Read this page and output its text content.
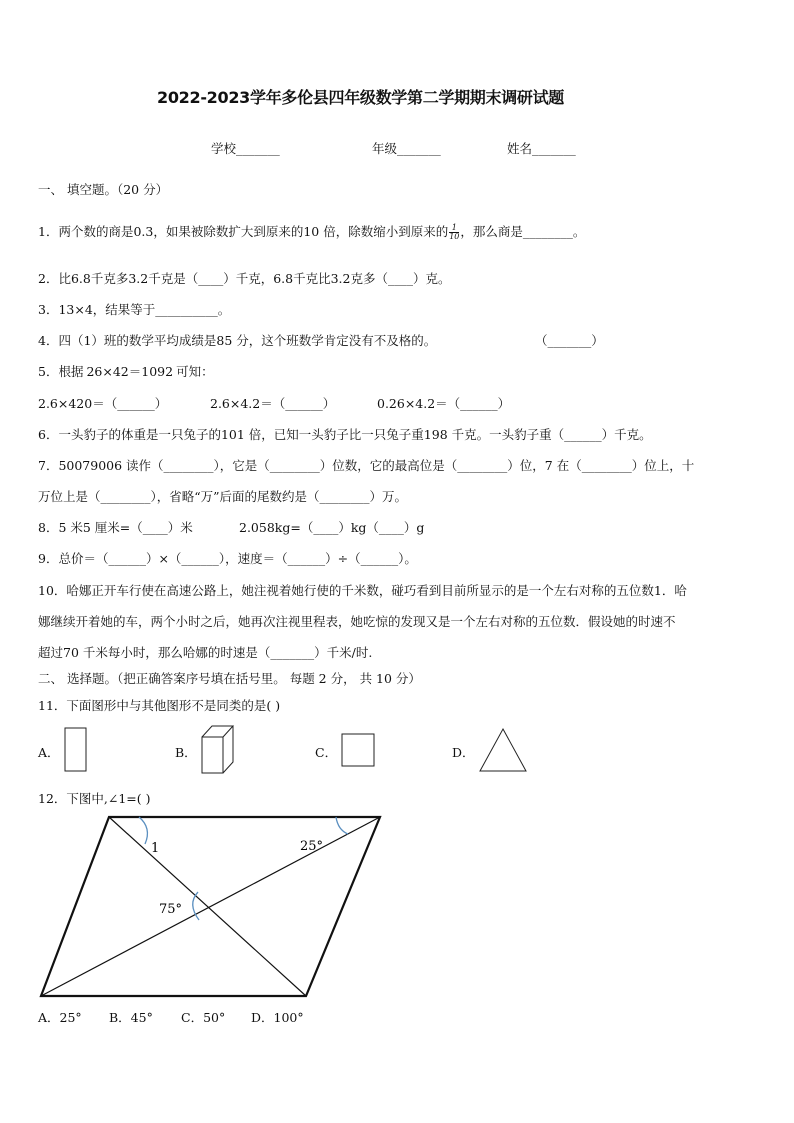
2022-2023学年多伦县四年级数学第二学期期末调研试题
学校_______	年级_______	姓名_______
一、 填空题。（20 分）
1．两个数的商是0.3，如果被除数扩大到原来的10 倍，除数缩小到原来的 $\frac{1}{10}$ ，那么商是________。
2．比6.8千克多3.2千克是（____）千克，6.8千克比3.2克多（____）克。
3．13×4，结果等于__________。
4．四（1）班的数学平均成绩是85 分，这个班数学肯定没有不及格的。	（_______）
5．根据 26×42＝1092 可知：
2.6×420＝（______）	2.6×4.2＝（______）	0.26×4.2＝（______）
6．一头豹子的体重是一只兔子的101 倍，已知一头豹子比一只兔子重198 千克。一头豹子重（______）千克。
7．50079006 读作（________），它是（________）位数，它的最高位是（________）位，7 在（________）位上，十
万位上是（________），省略“万”后面的尾数约是（________）万。
8．5 米5 厘米=（____）米	2.058kg=（____）kg（____）g
9．总价＝（______）×（______），速度＝（______）÷（______）。
10．哈娜正开车行使在高速公路上，她注视着她行使的千米数，碰巧看到目前所显示的是一个左右对称的五位数1．哈
娜继续开着她的车，两个小时之后，她再次注视里程表，她吃惊的发现又是一个左右对称的五位数．假设她的时速不
超过70 千米每小时，那么哈娜的时速是（_______）千米/时.
二、 选择题。（把正确答案序号填在括号里。 每题 2 分， 共 10 分）
11．下面图形中与其他图形不是同类的是( )
A．	B．	C．	D．
12．下图中,∠1=( )
1	25°
75°
A．25° B．45° C．50° D．100°
